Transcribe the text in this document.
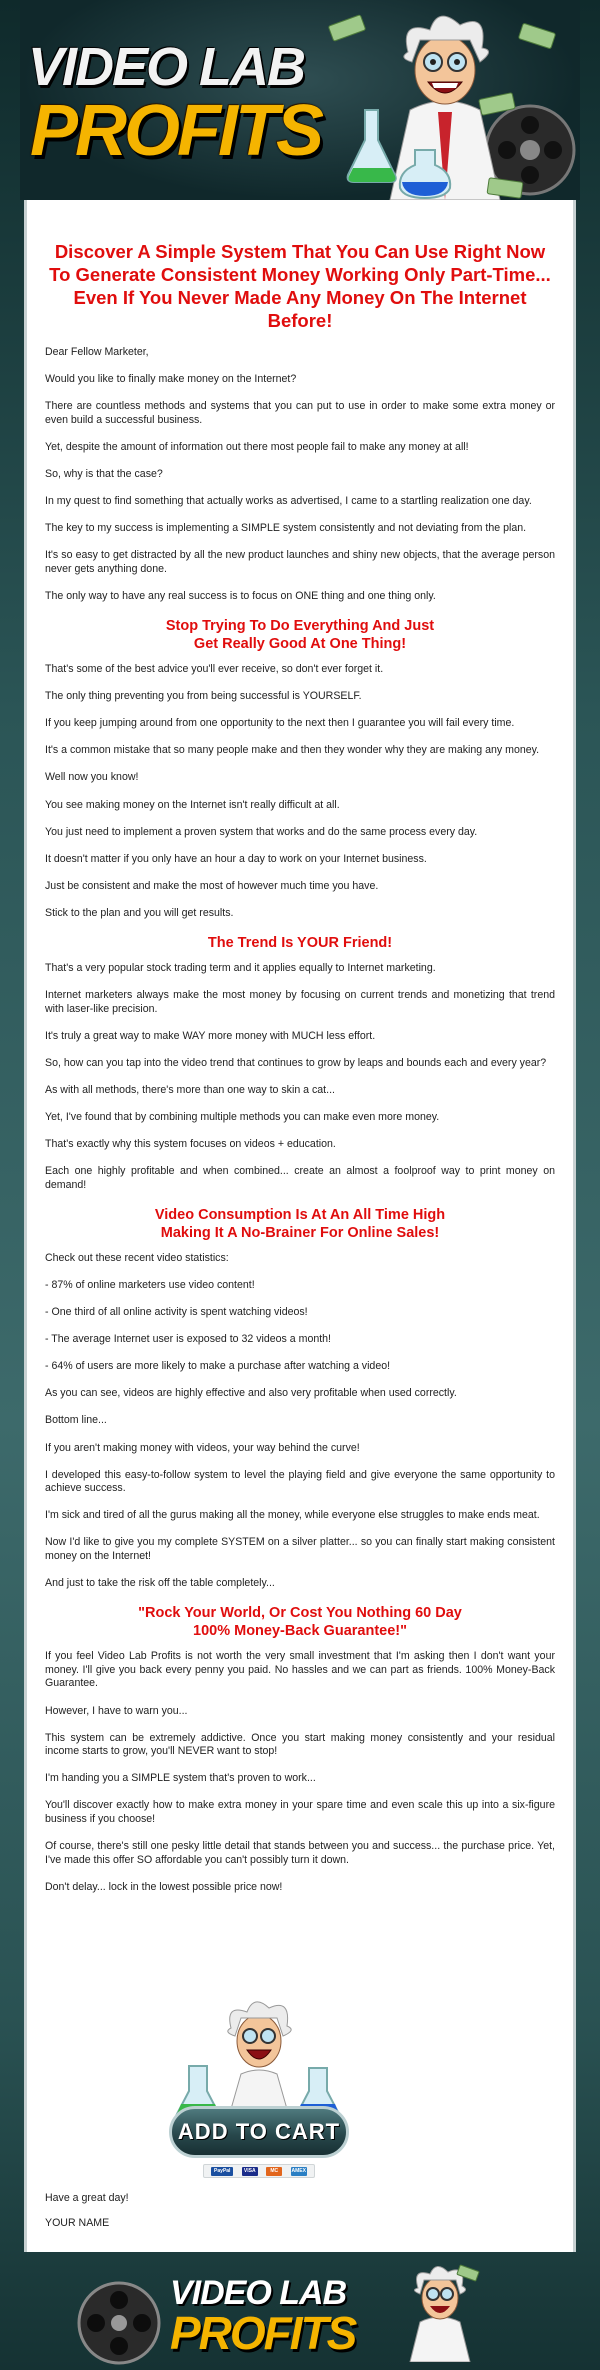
VIDEO LAB
PROFITS
Discover A Simple System That You Can Use Right Now To Generate Consistent Money Working Only Part-Time... Even If You Never Made Any Money On The Internet Before!

Dear Fellow Marketer,

Would you like to finally make money on the Internet?

There are countless methods and systems that you can put to use in order to make some extra money or even build a successful business.

Yet, despite the amount of information out there most people fail to make any money at all!

So, why is that the case?

In my quest to find something that actually works as advertised, I came to a startling realization one day.

The key to my success is implementing a SIMPLE system consistently and not deviating from the plan.

It's so easy to get distracted by all the new product launches and shiny new objects, that the average person never gets anything done.

The only way to have any real success is to focus on ONE thing and one thing only.

Stop Trying To Do Everything And Just
Get Really Good At One Thing!

That's some of the best advice you'll ever receive, so don't ever forget it.

The only thing preventing you from being successful is YOURSELF.

If you keep jumping around from one opportunity to the next then I guarantee you will fail every time.

It's a common mistake that so many people make and then they wonder why they are making any money.

Well now you know!

You see making money on the Internet isn't really difficult at all.

You just need to implement a proven system that works and do the same process every day.

It doesn't matter if you only have an hour a day to work on your Internet business.

Just be consistent and make the most of however much time you have.

Stick to the plan and you will get results.

The Trend Is YOUR Friend!

That's a very popular stock trading term and it applies equally to Internet marketing.

Internet marketers always make the most money by focusing on current trends and monetizing that trend with laser-like precision.

It's truly a great way to make WAY more money with MUCH less effort.

So, how can you tap into the video trend that continues to grow by leaps and bounds each and every year?

As with all methods, there's more than one way to skin a cat...

Yet, I've found that by combining multiple methods you can make even more money.

That's exactly why this system focuses on videos + education.

Each one highly profitable and when combined... create an almost a foolproof way to print money on demand!

Video Consumption Is At An All Time High
Making It A No-Brainer For Online Sales!

Check out these recent video statistics:

- 87% of online marketers use video content!

- One third of all online activity is spent watching videos!

- The average Internet user is exposed to 32 videos a month!

- 64% of users are more likely to make a purchase after watching a video!

As you can see, videos are highly effective and also very profitable when used correctly.

Bottom line...

If you aren't making money with videos, your way behind the curve!

I developed this easy-to-follow system to level the playing field and give everyone the same opportunity to achieve success.

I'm sick and tired of all the gurus making all the money, while everyone else struggles to make ends meat.

Now I'd like to give you my complete SYSTEM on a silver platter... so you can finally start making consistent money on the Internet!

And just to take the risk off the table completely...

"Rock Your World, Or Cost You Nothing 60 Day
100% Money-Back Guarantee!"

If you feel Video Lab Profits is not worth the very small investment that I'm asking then I don't want your money. I'll give you back every penny you paid. No hassles and we can part as friends. 100% Money-Back Guarantee.

However, I have to warn you...

This system can be extremely addictive. Once you start making money consistently and your residual income starts to grow, you'll NEVER want to stop!

I'm handing you a SIMPLE system that's proven to work...

You'll discover exactly how to make extra money in your spare time and even scale this up into a six-figure business if you choose!

Of course, there's still one pesky little detail that stands between you and success... the purchase price. Yet, I've made this offer SO affordable you can't possibly turn it down.

Don't delay... lock in the lowest possible price now!

ADD TO CART
PayPal	VISA	MC	AMEX

Have a great day!

YOUR NAME

VIDEO LAB
PROFITS
